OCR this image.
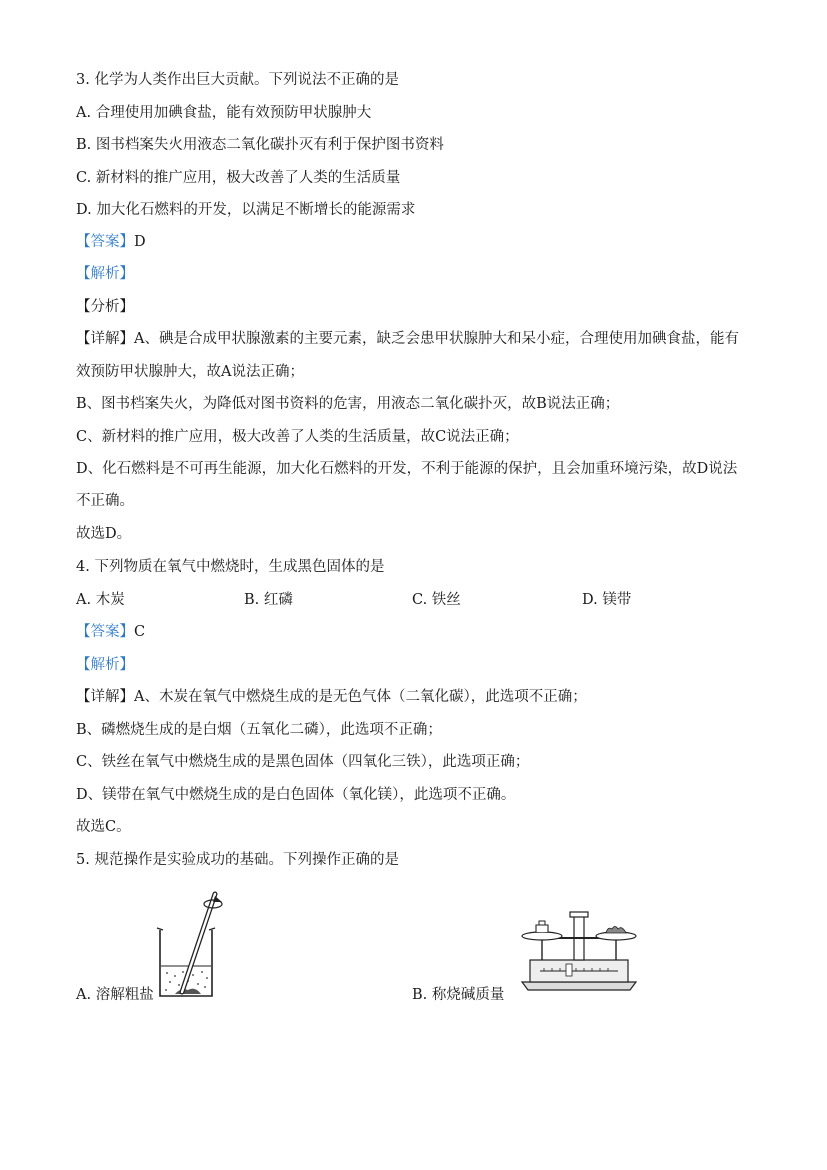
3. 化学为人类作出巨大贡献。下列说法不正确的是
A. 合理使用加碘食盐，能有效预防甲状腺肿大
B. 图书档案失火用液态二氧化碳扑灭有利于保护图书资料
C. 新材料的推广应用，极大改善了人类的生活质量
D. 加大化石燃料的开发，以满足不断增长的能源需求
【答案】D
【解析】
【分析】
【详解】A、碘是合成甲状腺激素的主要元素，缺乏会患甲状腺肿大和呆小症，合理使用加碘食盐，能有
效预防甲状腺肿大，故A说法正确；
B、图书档案失火，为降低对图书资料的危害，用液态二氧化碳扑灭，故B说法正确；
C、新材料的推广应用，极大改善了人类的生活质量，故C说法正确；
D、化石燃料是不可再生能源，加大化石燃料的开发，不利于能源的保护，且会加重环境污染，故D说法
不正确。
故选D。
4. 下列物质在氧气中燃烧时，生成黑色固体的是
A. 木炭	B. 红磷	C. 铁丝	D. 镁带
【答案】C
【解析】
【详解】A、木炭在氧气中燃烧生成的是无色气体（二氧化碳），此选项不正确；
B、磷燃烧生成的是白烟（五氧化二磷），此选项不正确；
C、铁丝在氧气中燃烧生成的是黑色固体（四氧化三铁），此选项正确；
D、镁带在氧气中燃烧生成的是白色固体（氧化镁），此选项不正确。
故选C。
5. 规范操作是实验成功的基础。下列操作正确的是
A. 溶解粗盐	B. 称烧碱质量
